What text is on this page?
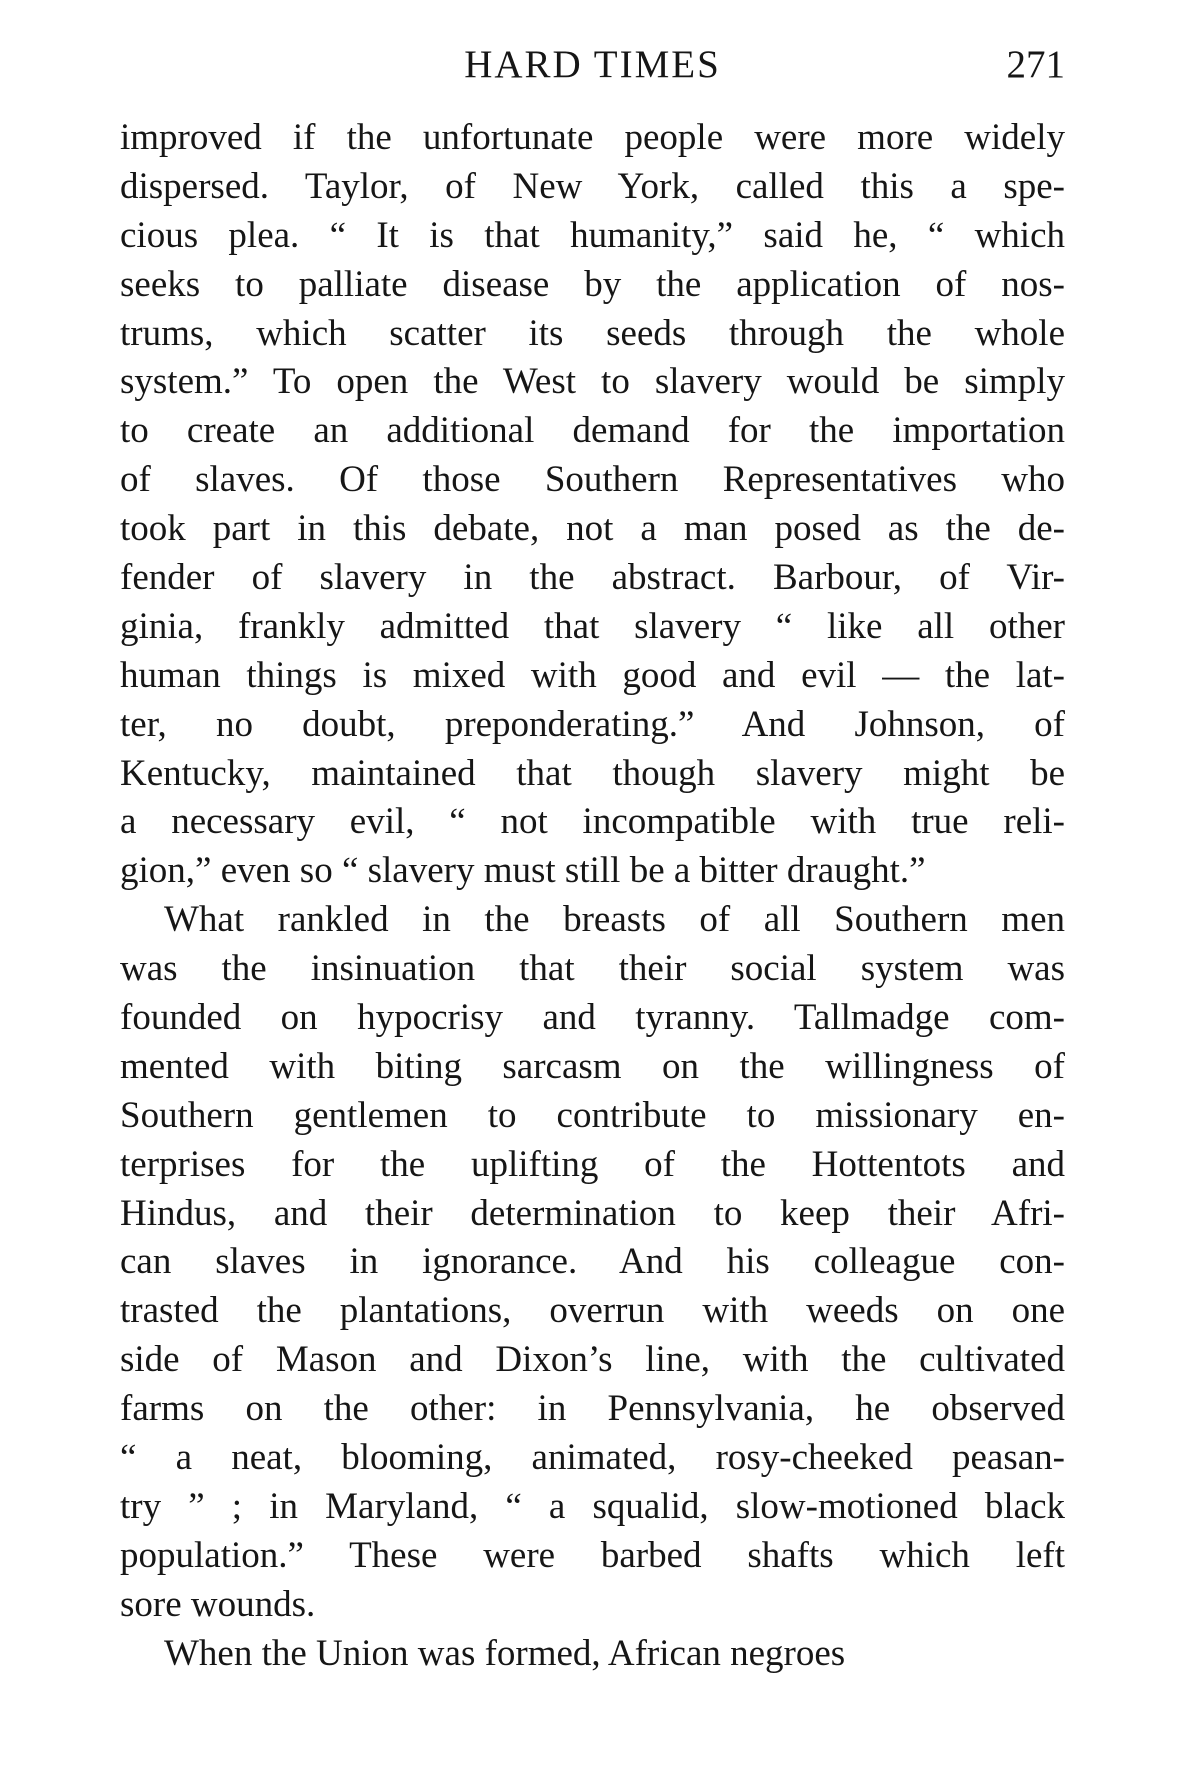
HARD TIMES	271
improved if the unfortunate people were more widely
dispersed. Taylor, of New York, called this a spe-
cious plea. “ It is that humanity,” said he, “ which
seeks to palliate disease by the application of nos-
trums, which scatter its seeds through the whole
system.” To open the West to slavery would be simply
to create an additional demand for the importation
of slaves. Of those Southern Representatives who
took part in this debate, not a man posed as the de-
fender of slavery in the abstract. Barbour, of Vir-
ginia, frankly admitted that slavery “ like all other
human things is mixed with good and evil — the lat-
ter, no doubt, preponderating.” And Johnson, of
Kentucky, maintained that though slavery might be
a necessary evil, “ not incompatible with true reli-
gion,” even so “ slavery must still be a bitter draught.”
What rankled in the breasts of all Southern men
was the insinuation that their social system was
founded on hypocrisy and tyranny. Tallmadge com-
mented with biting sarcasm on the willingness of
Southern gentlemen to contribute to missionary en-
terprises for the uplifting of the Hottentots and
Hindus, and their determination to keep their Afri-
can slaves in ignorance. And his colleague con-
trasted the plantations, overrun with weeds on one
side of Mason and Dixon’s line, with the cultivated
farms on the other: in Pennsylvania, he observed
“ a neat, blooming, animated, rosy-cheeked peasan-
try ” ; in Maryland, “ a squalid, slow-motioned black
population.” These were barbed shafts which left
sore wounds.
When the Union was formed, African negroes
